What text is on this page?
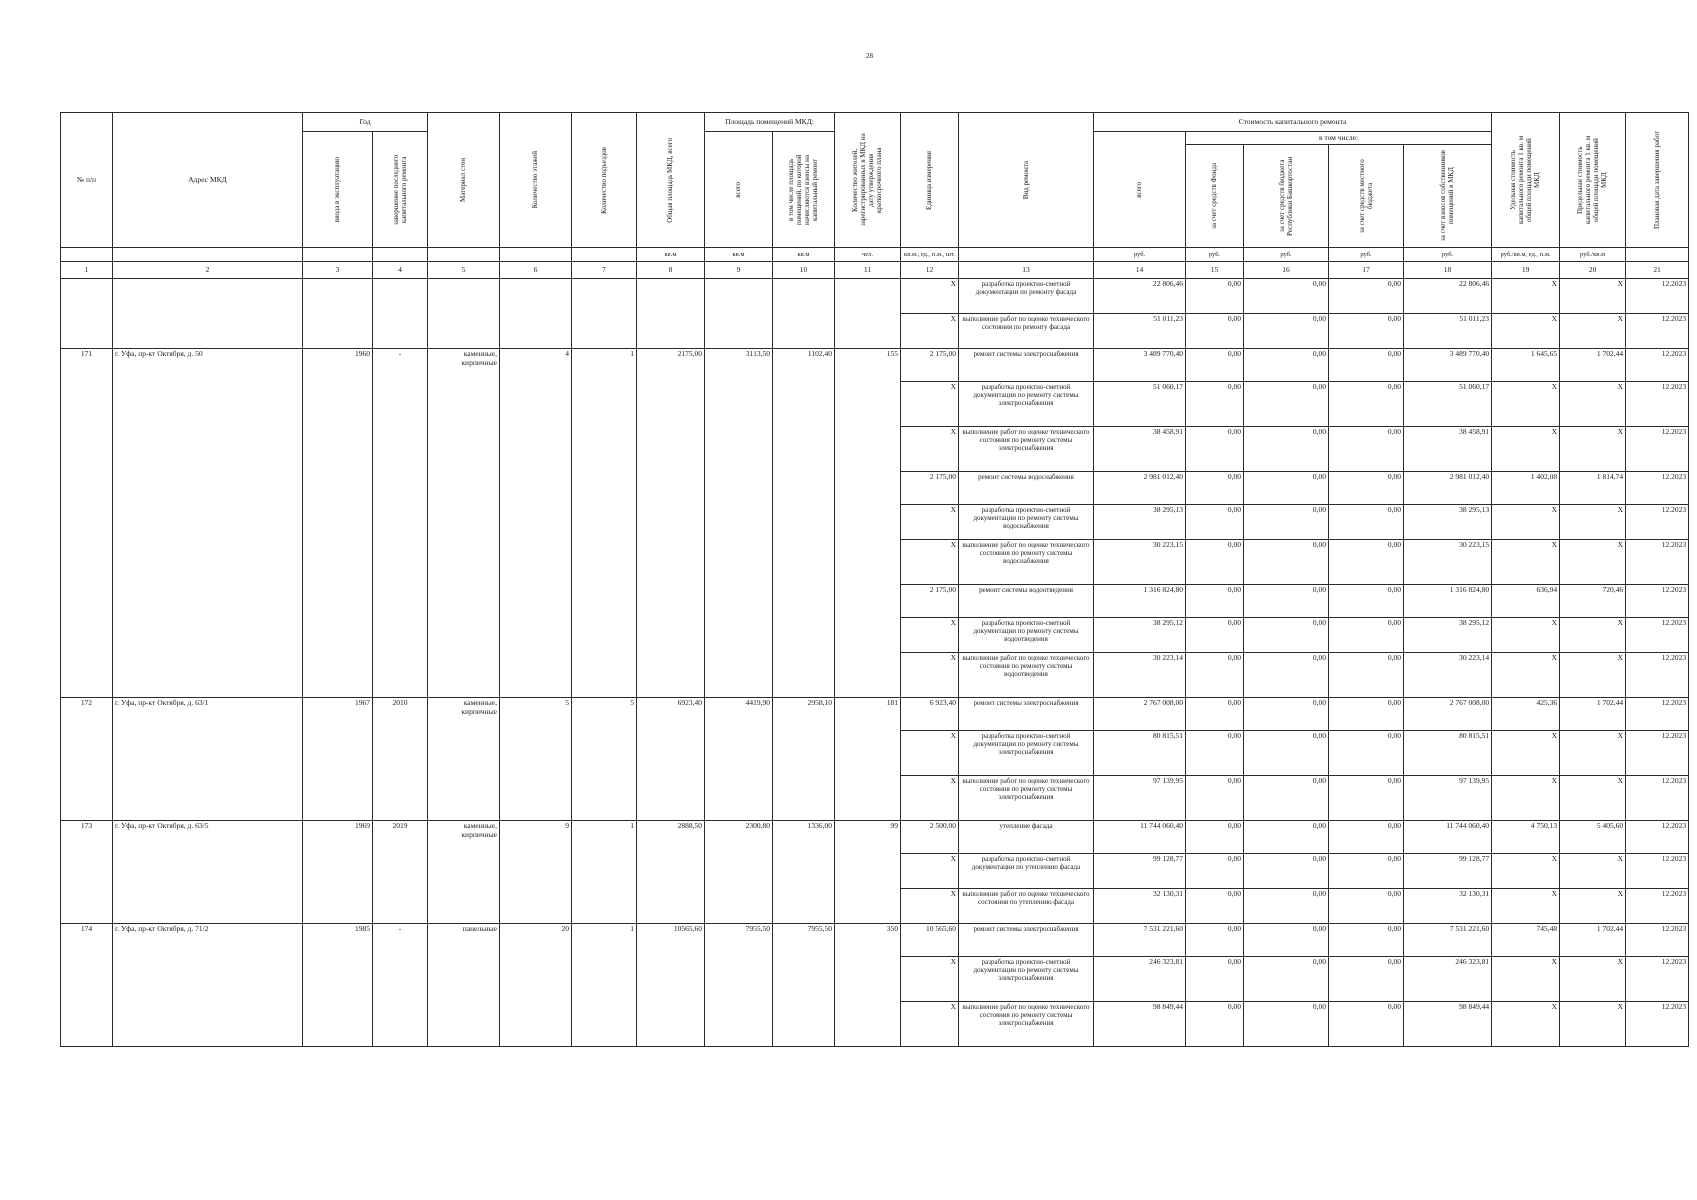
28
№ п/п	Адрес МКД	Год		Материал стен	Количество этажей	Количество подъездов	Общая площадь МКД, всего	Площадь помещений МКД:		Количество жителей, зарегистрированных в МКД на дату утверждения краткосрочного плана	Единица измерения	Вид ремонта	Стоимость капитального ремонта					Удельная стоимость капитального ремонта 1 кв. м общей площади помещений МКД	Предельная стоимость капитального ремонта 1 кв. м общей площади помещений МКД	Плановая дата завершения работ

		ввода в эксплуатацию	завершение последнего капитального ремонта					всего	в том числе площадь помещений, по которой начисляются взносы на капитальный ремонт				всего	в том числе:						

														за счет средств Фонда	за счет средств бюджета Республики Башкортостан	за счет средств местного бюджета	за счет взносов собственников помещений в МКД			

							кв.м	кв.м	кв.м	чел.	кв.м., ед., п.м., шт.		руб.	руб.	руб.	руб.	руб.	руб./кв.м, ед., п.м.	руб./кв.м	
1	2	3	4	5	6	7	8	9	10	11	12	13	14	15	16	17	18	19	20	21
											X	разработка проектно-сметной документации по ремонту фасада	22 806,46	0,00	0,00	0,00	22 806,46	X	X	12.2023
											X	выполнение работ по оценке технического состояния по ремонту фасада	51 011,23	0,00	0,00	0,00	51 011,23	X	X	12.2023
171	г. Уфа, пр-кт Октября, д. 50	1960	-	каменные, кирпичные	4	1	2175,00	3113,50	1102,40	155	2 175,00	ремонт системы электроснабжения	3 489 770,40	0,00	0,00	0,00	3 489 770,40	1 645,65	1 702,44	12.2023
											X	разработка проектно-сметной документации по ремонту системы электроснабжения	51 060,17	0,00	0,00	0,00	51 060,17	X	X	12.2023
											X	выполнение работ по оценке технического состояния по ремонту системы электроснабжения	38 458,91	0,00	0,00	0,00	38 458,91	X	X	12.2023
											2 175,00	ремонт системы водоснабжения	2 981 012,40	0,00	0,00	0,00	2 981 012,40	1 402,08	1 814,74	12.2023
											X	разработка проектно-сметной документации по ремонту системы водоснабжения	38 295,13	0,00	0,00	0,00	38 295,13	X	X	12.2023
											X	выполнение работ по оценке технического состояния по ремонту системы водоснабжения	30 223,15	0,00	0,00	0,00	30 223,15	X	X	12.2023
											2 175,00	ремонт системы водоотведения	1 316 824,80	0,00	0,00	0,00	1 316 824,80	636,94	720,46	12.2023
											X	разработка проектно-сметной документации по ремонту системы водоотведения	38 295,12	0,00	0,00	0,00	38 295,12	X	X	12.2023
											X	выполнение работ по оценке технического состояния по ремонту системы водоотведения	30 223,14	0,00	0,00	0,00	30 223,14	X	X	12.2023
172	г. Уфа, пр-кт Октября, д. 63/1	1967	2010	каменные, кирпичные	5	5	6923,40	4419,90	2958,10	181	6 923,40	ремонт системы электроснабжения	2 767 008,00	0,00	0,00	0,00	2 767 008,00	425,36	1 702,44	12.2023
											X	разработка проектно-сметной документации по ремонту системы электроснабжения	80 815,51	0,00	0,00	0,00	80 815,51	X	X	12.2023
											X	выполнение работ по оценке технического состояния по ремонту системы электроснабжения	97 139,95	0,00	0,00	0,00	97 139,95	X	X	12.2023
173	г. Уфа, пр-кт Октября, д. 63/5	1969	2019	каменные, кирпичные	9	1	2888,50	2300,80	1336,00	99	2 500,00	утепление фасада	11 744 060,40	0,00	0,00	0,00	11 744 060,40	4 750,13	5 405,60	12.2023
											X	разработка проектно-сметной документации по утеплению фасада	99 128,77	0,00	0,00	0,00	99 128,77	X	X	12.2023
											X	выполнение работ по оценке технического состояния по утеплению фасада	32 130,31	0,00	0,00	0,00	32 130,31	X	X	12.2023
174	г. Уфа, пр-кт Октября, д. 71/2	1985	-	панельные	20	1	10565,60	7955,50	7955,50	350	10 565,60	ремонт системы электроснабжения	7 531 221,60	0,00	0,00	0,00	7 531 221,60	745,48	1 702,44	12.2023
											X	разработка проектно-сметной документации по ремонту системы электроснабжения	246 323,81	0,00	0,00	0,00	246 323,81	X	X	12.2023
											X	выполнение работ по оценке технического состояния по ремонту системы электроснабжения	98 849,44	0,00	0,00	0,00	98 849,44	X	X	12.2023
